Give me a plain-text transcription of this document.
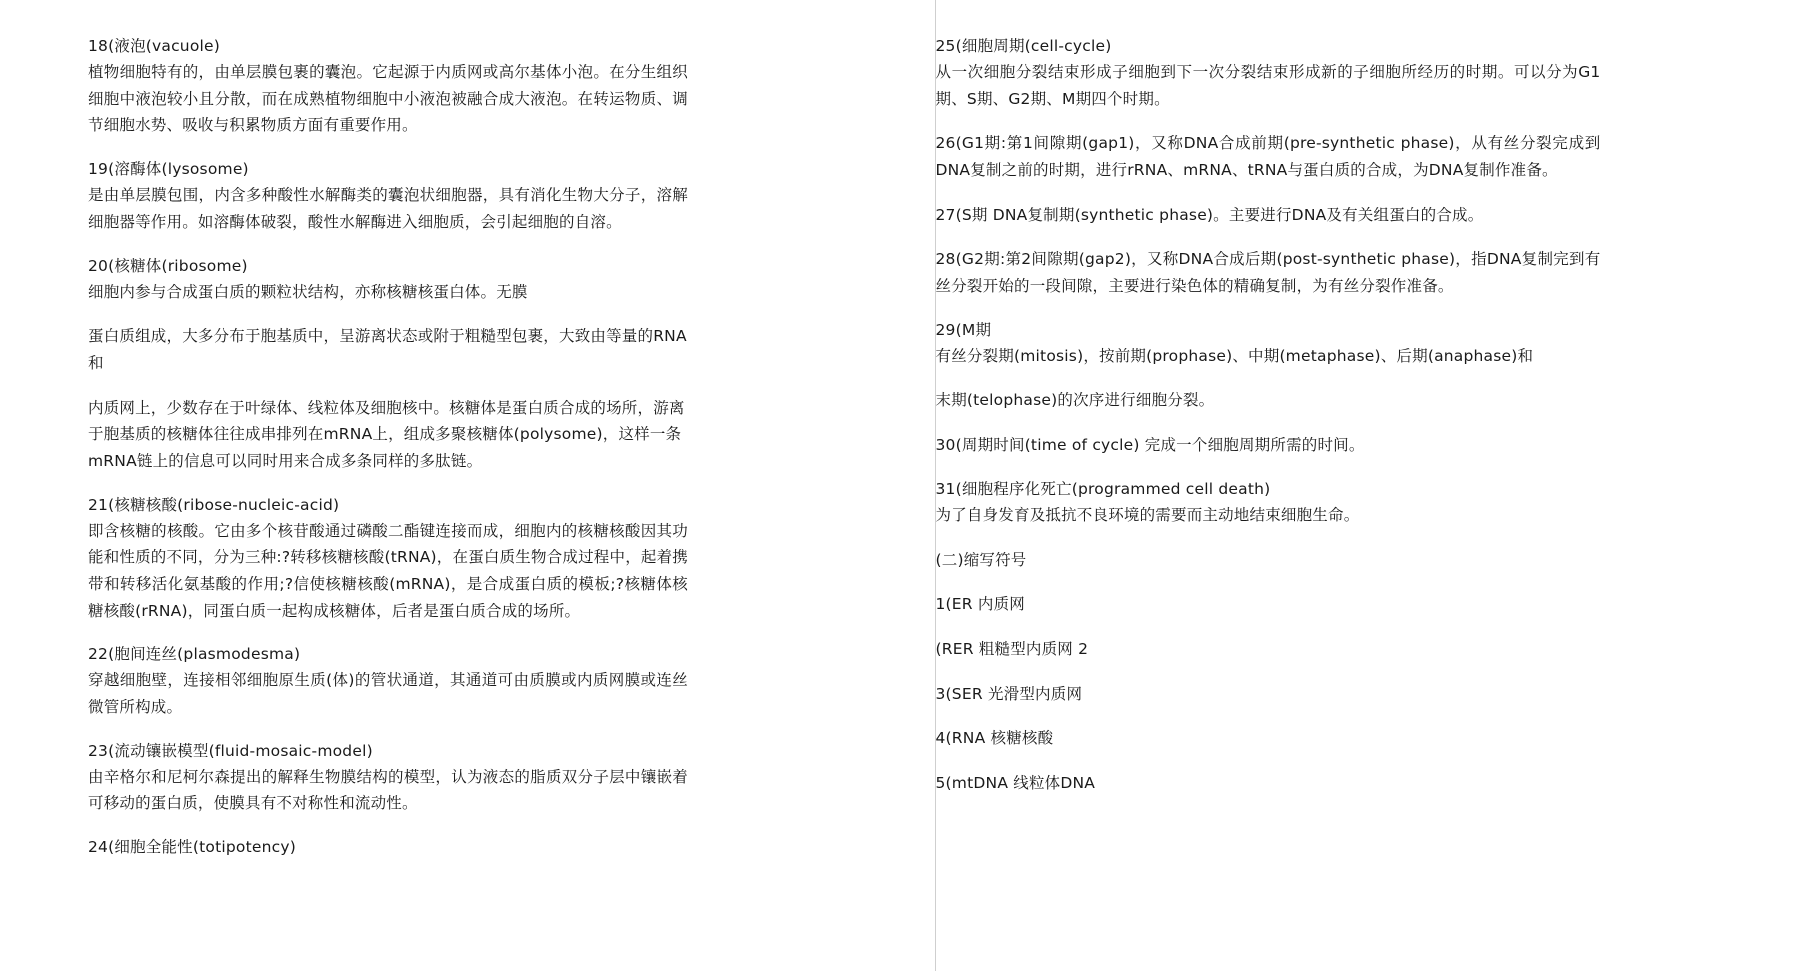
18(液泡(vacuole)

植物细胞特有的，由单层膜包裹的囊泡。它起源于内质网或高尔基体小泡。在分生组织细胞中液泡较小且分散，而在成熟植物细胞中小液泡被融合成大液泡。在转运物质、调节细胞水势、吸收与积累物质方面有重要作用。

19(溶酶体(lysosome)

是由单层膜包围，内含多种酸性水解酶类的囊泡状细胞器，具有消化生物大分子，溶解细胞器等作用。如溶酶体破裂，酸性水解酶进入细胞质，会引起细胞的自溶。

20(核糖体(ribosome)

细胞内参与合成蛋白质的颗粒状结构，亦称核糖核蛋白体。无膜

蛋白质组成，大多分布于胞基质中，呈游离状态或附于粗糙型包裹，大致由等量的RNA和

内质网上，少数存在于叶绿体、线粒体及细胞核中。核糖体是蛋白质合成的场所，游离于胞基质的核糖体往往成串排列在mRNA上，组成多聚核糖体(polysome)，这样一条mRNA链上的信息可以同时用来合成多条同样的多肽链。

21(核糖核酸(ribose-nucleic-acid)

即含核糖的核酸。它由多个核苷酸通过磷酸二酯键连接而成，细胞内的核糖核酸因其功能和性质的不同，分为三种:?转移核糖核酸(tRNA)，在蛋白质生物合成过程中，起着携带和转移活化氨基酸的作用;?信使核糖核酸(mRNA)，是合成蛋白质的模板;?核糖体核糖核酸(rRNA)，同蛋白质一起构成核糖体，后者是蛋白质合成的场所。

22(胞间连丝(plasmodesma)

穿越细胞壁，连接相邻细胞原生质(体)的管状通道，其通道可由质膜或内质网膜或连丝微管所构成。

23(流动镶嵌模型(fluid-mosaic-model)

由辛格尔和尼柯尔森提出的解释生物膜结构的模型，认为液态的脂质双分子层中镶嵌着可移动的蛋白质，使膜具有不对称性和流动性。

24(细胞全能性(totipotency)

25(细胞周期(cell-cycle)

从一次细胞分裂结束形成子细胞到下一次分裂结束形成新的子细胞所经历的时期。可以分为G1期、S期、G2期、M期四个时期。

26(G1期:第1间隙期(gap1)，又称DNA合成前期(pre-synthetic phase)，从有丝分裂完成到DNA复制之前的时期，进行rRNA、mRNA、tRNA与蛋白质的合成，为DNA复制作准备。

27(S期 DNA复制期(synthetic phase)。主要进行DNA及有关组蛋白的合成。

28(G2期:第2间隙期(gap2)，又称DNA合成后期(post-synthetic phase)，指DNA复制完到有丝分裂开始的一段间隙，主要进行染色体的精确复制，为有丝分裂作准备。

29(M期

有丝分裂期(mitosis)，按前期(prophase)、中期(metaphase)、后期(anaphase)和

末期(telophase)的次序进行细胞分裂。

30(周期时间(time of cycle) 完成一个细胞周期所需的时间。

31(细胞程序化死亡(programmed cell death)

为了自身发育及抵抗不良环境的需要而主动地结束细胞生命。

(二)缩写符号

1(ER 内质网

(RER 粗糙型内质网 2

3(SER 光滑型内质网

4(RNA 核糖核酸

5(mtDNA 线粒体DNA
